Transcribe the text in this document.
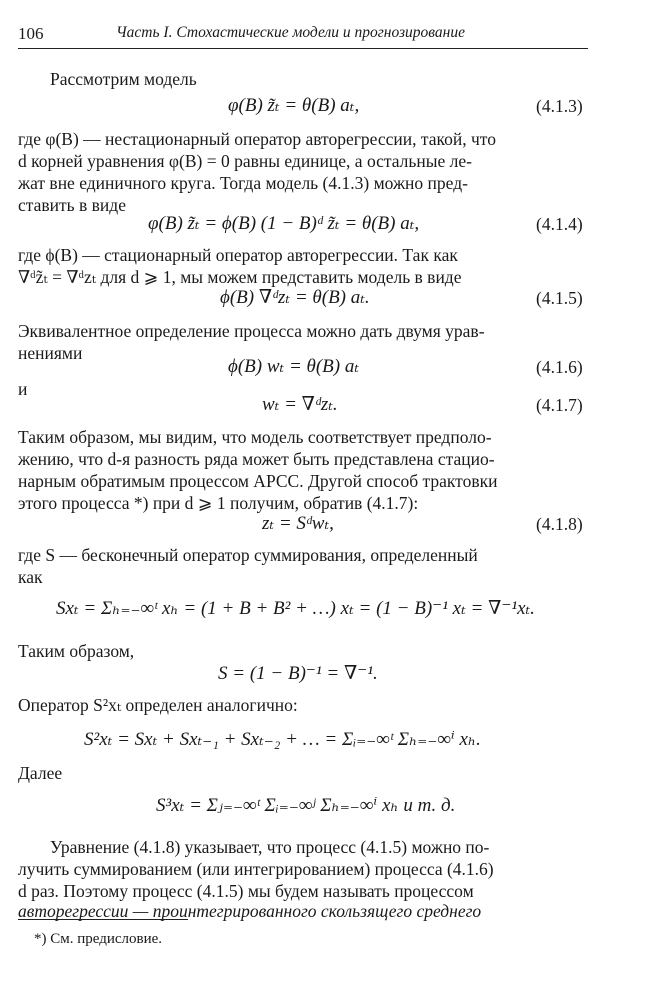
106	Часть I. Стохастические модели и прогнозирование
Рассмотрим модель
φ(B) z̃ₜ = θ(B) aₜ,	(4.1.3)
где φ(B) — нестационарный оператор авторегрессии, такой, что
d корней уравнения φ(B) = 0 равны единице, а остальные ле-
жат вне единичного круга. Тогда модель (4.1.3) можно пред-
ставить в виде
φ(B) z̃ₜ = ϕ(B) (1 − B)ᵈ z̃ₜ = θ(B) aₜ,	(4.1.4)
где ϕ(B) — стационарный оператор авторегрессии. Так как
∇ᵈz̃ₜ = ∇ᵈzₜ для d ⩾ 1, мы можем представить модель в виде
ϕ(B) ∇ᵈzₜ = θ(B) aₜ.	(4.1.5)
Эквивалентное определение процесса можно дать двумя урав-
нениями
ϕ(B) wₜ = θ(B) aₜ	(4.1.6)
и
wₜ = ∇ᵈzₜ.	(4.1.7)
Таким образом, мы видим, что модель соответствует предполо-
жению, что d-я разность ряда может быть представлена стацио-
нарным обратимым процессом АРСС. Другой способ трактовки
этого процесса *) при d ⩾ 1 получим, обратив (4.1.7):
zₜ = Sᵈwₜ,	(4.1.8)
где S — бесконечный оператор суммирования, определенный
как
Sxₜ = Σₕ₌₋∞ᵗ xₕ = (1 + B + B² + …) xₜ = (1 − B)⁻¹ xₜ = ∇⁻¹xₜ.
Таким образом,
S = (1 − B)⁻¹ = ∇⁻¹.
Оператор S²xₜ определен аналогично:
S²xₜ = Sxₜ + Sxₜ₋₁ + Sxₜ₋₂ + … = Σᵢ₌₋∞ᵗ Σₕ₌₋∞ⁱ xₕ.
Далее
S³xₜ = Σⱼ₌₋∞ᵗ Σᵢ₌₋∞ʲ Σₕ₌₋∞ⁱ xₕ и т. д.
Уравнение (4.1.8) указывает, что процесс (4.1.5) можно по-
лучить суммированием (или интегрированием) процесса (4.1.6)
d раз. Поэтому процесс (4.1.5) мы будем называть процессом
авторегрессии — проинтегрированного скользящего среднего
*) См. предисловие.
